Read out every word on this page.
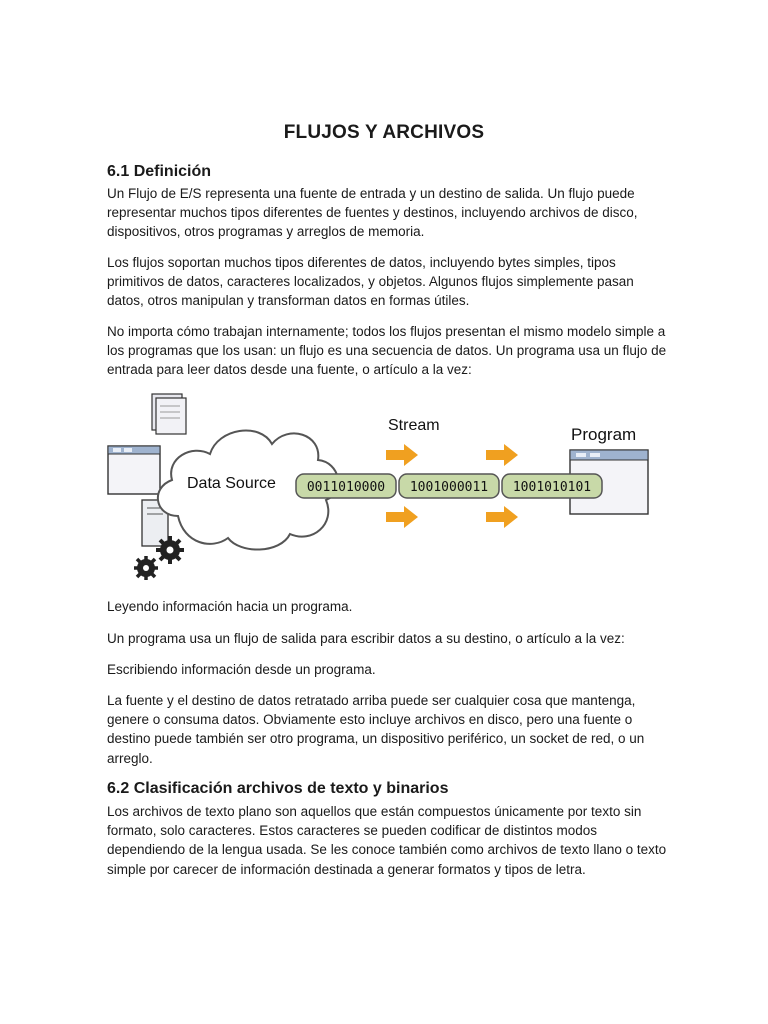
FLUJOS Y ARCHIVOS
6.1 Definición

Un Flujo de E/S representa una fuente de entrada y un destino de salida. Un flujo puede representar muchos tipos diferentes de fuentes y destinos, incluyendo archivos de disco, dispositivos, otros programas y arreglos de memoria.

Los flujos soportan muchos tipos diferentes de datos, incluyendo bytes simples, tipos primitivos de datos, caracteres localizados, y objetos. Algunos flujos simplemente pasan datos, otros manipulan y transforman datos en formas útiles.

No importa cómo trabajan internamente; todos los flujos presentan el mismo modelo simple a los programas que los usan: un flujo es una secuencia de datos. Un programa usa un flujo de entrada para leer datos desde una fuente, o artículo a la vez:

Data Source
Stream	Program
0011010000 1001000011 1001010101

Leyendo información hacia un programa.

Un programa usa un flujo de salida para escribir datos a su destino, o artículo a la vez:

Escribiendo información desde un programa.

La fuente y el destino de datos retratado arriba puede ser cualquier cosa que mantenga, genere o consuma datos. Obviamente esto incluye archivos en disco, pero una fuente o destino puede también ser otro programa, un dispositivo periférico, un socket de red, o un arreglo.

6.2 Clasificación archivos de texto y binarios

Los archivos de texto plano son aquellos que están compuestos únicamente por texto sin formato, solo caracteres. Estos caracteres se pueden codificar de distintos modos dependiendo de la lengua usada. Se les conoce también como archivos de texto llano o texto simple por carecer de información destinada a generar formatos y tipos de letra.
